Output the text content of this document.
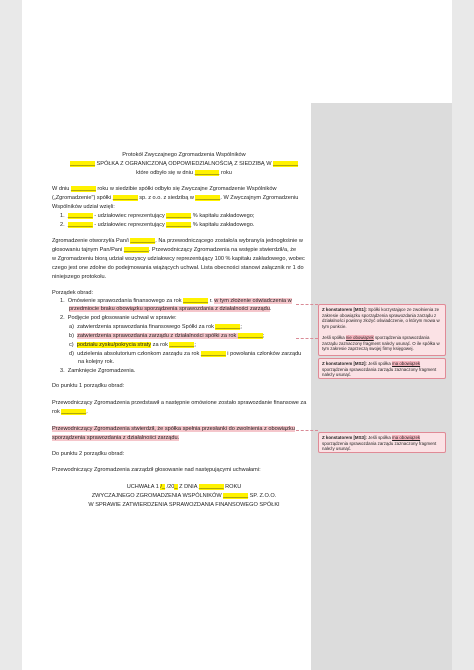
Protokół Zwyczajnego Zgromadzenia Wspólników
________ SPÓŁKA Z OGRANICZONĄ ODPOWIEDZIALNOŚCIĄ Z SIEDZIBĄ W ________
które odbyło się w dniu ________ roku
W dniu ________ roku w siedzibie spółki odbyło się Zwyczajne Zgromadzenie Wspólników
(„Zgromadzenie") spółki ________ sp. z o.o. z siedzibą w ________. W Zwyczajnym Zgromadzeniu
Wspólników udział wzięli:
1. ________ - udziałowiec reprezentujący ________ % kapitału zakładowego;
2. ________ - udziałowiec reprezentujący ________ % kapitału zakładowego.
Zgromadzenie otworzył/a Pan/i ________. Na przewodniczącego zostało/a wybrany/a jednogłośnie w
głosowaniu tajnym Pan/Pani ________. Przewodniczący Zgromadzenia na wstępie stwierdził/a, że
w Zgromadzeniu biorą udział wszyscy udziałowcy reprezentujący 100 % kapitału zakładowego, wobec
czego jest one zdolne do podejmowania wiążących uchwał. Lista obecności stanowi załącznik nr 1 do
niniejszego protokołu.
Porządek obrad:
1. Omówienie sprawozdania finansowego za rok ________ r. w tym złożenie oświadczenia w
przedmiocie braku obowiązku sporządzenia sprawozdania z działalności zarządu.
2. Podjęcie pod głosowanie uchwał w sprawie:
a) zatwierdzenia sprawozdania finansowego Spółki za rok ________;
b) zatwierdzenia sprawozdania zarządu z działalności spółki za rok ________;
c) podziału zysku/pokrycia straty za rok ________;
d) udzielenia absolutorium członkom zarządu za rok ________ i powołania członków zarządu
na kolejny rok.
3. Zamknięcie Zgromadzenia.
Do punktu 1 porządku obrad:
Przewodniczący Zgromadzenia przedstawił a następnie omówione zostało sprawozdanie finansowe za
rok ________.
Przewodniczący Zgromadzenia stwierdził, że spółka spełnia przesłanki do zwolnienia z obowiązku
sporządzenia sprawozdania z działalności zarządu.
Do punktu 2 porządku obrad:
Przewodniczący Zgromadzenia zarządził głosowanie nad następującymi uchwałami:
UCHWAŁA 1 _ /20_ Z DNIA ________ ROKU
ZWYCZAJNEGO ZGROMADZENIA WSPÓLNIKÓW ________ SP. Z.O.O.
W SPRAWIE ZATWIERDZENIA SPRAWOZDANIA FINANSOWEGO SPÓŁKI
Z konstatorem [MS1]: Spółki korzystające ze zwolnienia ze zakresie obowiązku sporządzenia sprawozdania zarządu z działalności powinny złożyć oświadczenie, o którym mowa w tym punkcie.

Jeśli spółka nie obowiązek sporządzenia sprawozdania zarządu zaznaczony fragment należy usunąć. O ile spółka w tym zakresie zaprzeczą swojej firmy księgowej.
Z konstatorem [MS2]: Jeśli spółka ma obowiązek sporządzenia sprawozdania zarządu zaznaczony fragment należy usunąć.
Z konstatorem [MS3]: Jeśli spółka ma obowiązek sporządzenia sprawozdania zarządu zaznaczony fragment należy usunąć.
